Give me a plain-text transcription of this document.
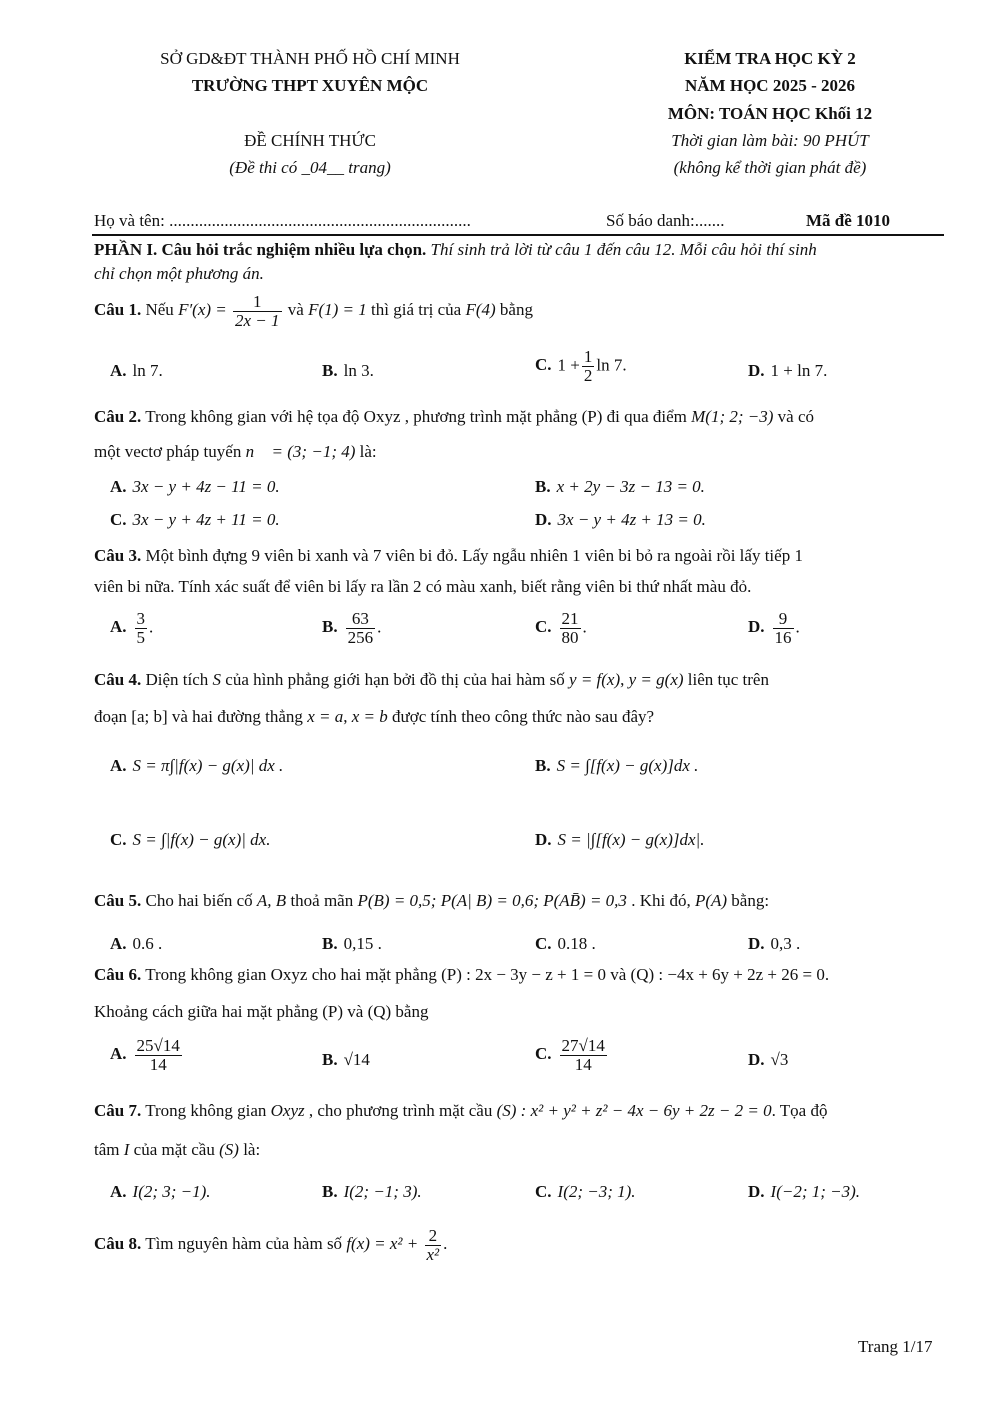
SỞ GD&ĐT THÀNH PHỐ HỒ CHÍ MINH
TRƯỜNG THPT XUYÊN MỘC
ĐỀ CHÍNH THỨC
(Đề thi có _04__ trang)
KIỂM TRA HỌC KỲ 2
NĂM HỌC 2025 - 2026
MÔN: TOÁN HỌC Khối 12
Thời gian làm bài: 90 PHÚT
(không kể thời gian phát đề)
Họ và tên: .......................................................................	Số báo danh:.......	Mã đề 1010
PHẦN I. Câu hỏi trắc nghiệm nhiều lựa chọn. Thí sinh trả lời từ câu 1 đến câu 12. Mỗi câu hỏi thí sinh
chỉ chọn một phương án.
Câu 1. Nếu $F'(x) = \frac{1}{2x - 1}$ và F(1) = 1 thì giá trị của F(4) bằng
A. ln 7.	B. ln 3.	C. $1 + \frac{1}{2}$ ln 7.	D. 1 + ln 7.
Câu 2. Trong không gian với hệ tọa độ Oxyz , phương trình mặt phẳng (P) đi qua điểm M(1; 2; −3) và có
một vectơ pháp tuyến n⃗ = (3; −1; 4) là:
A. 3x − y + 4z − 11 = 0.	B. x + 2y − 3z − 13 = 0.
C. 3x − y + 4z + 11 = 0.	D. 3x − y + 4z + 13 = 0.
Câu 3. Một bình đựng 9 viên bi xanh và 7 viên bi đỏ. Lấy ngẫu nhiên 1 viên bi bỏ ra ngoài rồi lấy tiếp 1
viên bi nữa. Tính xác suất để viên bi lấy ra lần 2 có màu xanh, biết rằng viên bi thứ nhất màu đỏ.
A. $\frac{3}{5}$ .	B. $\frac{63}{256}$ .	C. $\frac{21}{80}$ .	D. $\frac{9}{16}$ .
Câu 4. Diện tích S của hình phẳng giới hạn bởi đồ thị của hai hàm số y = f(x), y = g(x) liên tục trên
đoạn [a; b] và hai đường thẳng x = a, x = b được tính theo công thức nào sau đây?
A. S = π∫|f(x) − g(x)| dx .	B. S = ∫[f(x) − g(x)]dx .
C. S = ∫|f(x) − g(x)| dx.	D. S = |∫[f(x) − g(x)]dx|.
Câu 5. Cho hai biến cố A, B thoả mãn P(B) = 0,5; P(A| B) = 0,6; P(AB̄) = 0,3 . Khi đó, P(A) bằng:
A. 0.6 .	B. 0,15 .	C. 0.18 .	D. 0,3 .
Câu 6. Trong không gian Oxyz cho hai mặt phẳng (P) : 2x − 3y − z + 1 = 0 và (Q) : −4x + 6y + 2z + 26 = 0.
Khoảng cách giữa hai mặt phẳng (P) và (Q) bằng
A. $\frac{25√14}{14}$	B. √14	C. $\frac{27√14}{14}$	D. √3
Câu 7. Trong không gian Oxyz , cho phương trình mặt cầu (S) : x² + y² + z² − 4x − 6y + 2z − 2 = 0. Tọa độ
tâm I của mặt cầu (S) là:
A. I(2; 3; −1).	B. I(2; −1; 3).	C. I(2; −3; 1).	D. I(−2; 1; −3).
Câu 8. Tìm nguyên hàm của hàm số $f(x) = x^2 + \frac{2}{\text{x²}}$ .
Trang 1/17
